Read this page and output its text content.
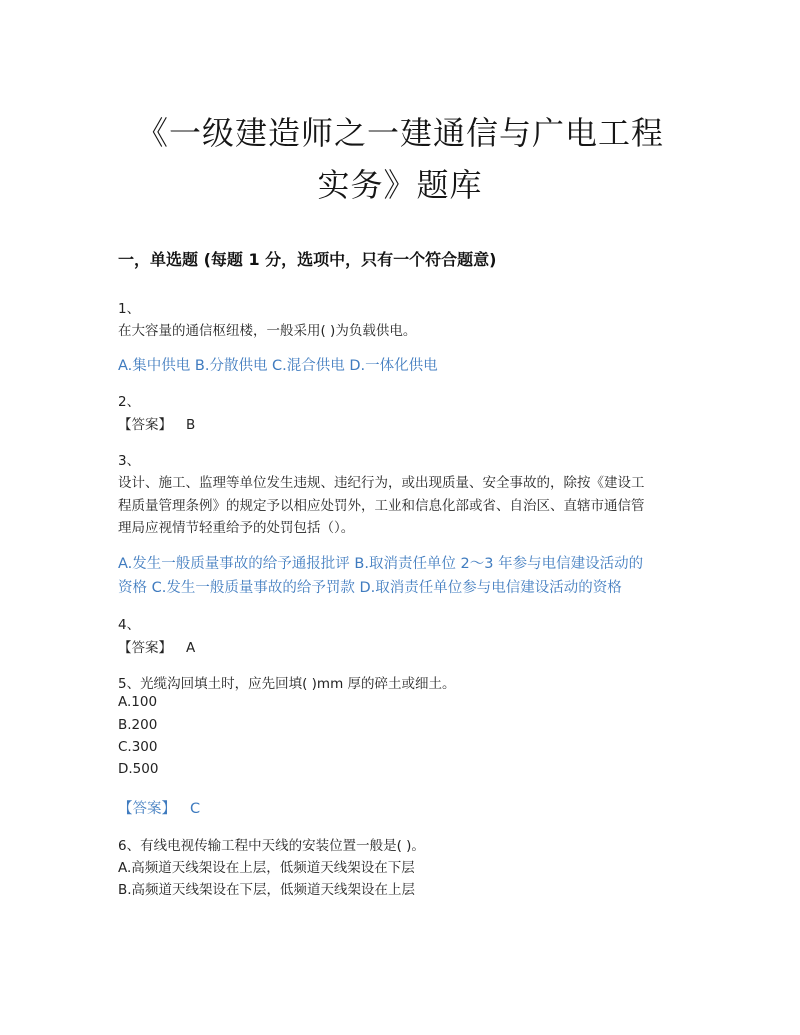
《一级建造师之一建通信与广电工程
实务》题库
一，单选题 (每题 1 分，选项中，只有一个符合题意)
1、
在大容量的通信枢纽楼，一般采用( )为负载供电。
A.集中供电 B.分散供电 C.混合供电 D.一体化供电
2、
【答案】 B
3、
设计、施工、监理等单位发生违规、违纪行为，或出现质量、安全事故的，除按《建设工
程质量管理条例》的规定予以相应处罚外，工业和信息化部或省、自治区、直辖市通信管
理局应视情节轻重给予的处罚包括（）。
A.发生一般质量事故的给予通报批评 B.取消责任单位 2～3 年参与电信建设活动的
资格 C.发生一般质量事故的给予罚款 D.取消责任单位参与电信建设活动的资格
4、
【答案】 A
5、光缆沟回填土时，应先回填( )mm 厚的碎土或细土。
A.100
B.200
C.300
D.500
【答案】 C
6、有线电视传输工程中天线的安装位置一般是( )。
A.高频道天线架设在上层，低频道天线架设在下层
B.高频道天线架设在下层，低频道天线架设在上层
